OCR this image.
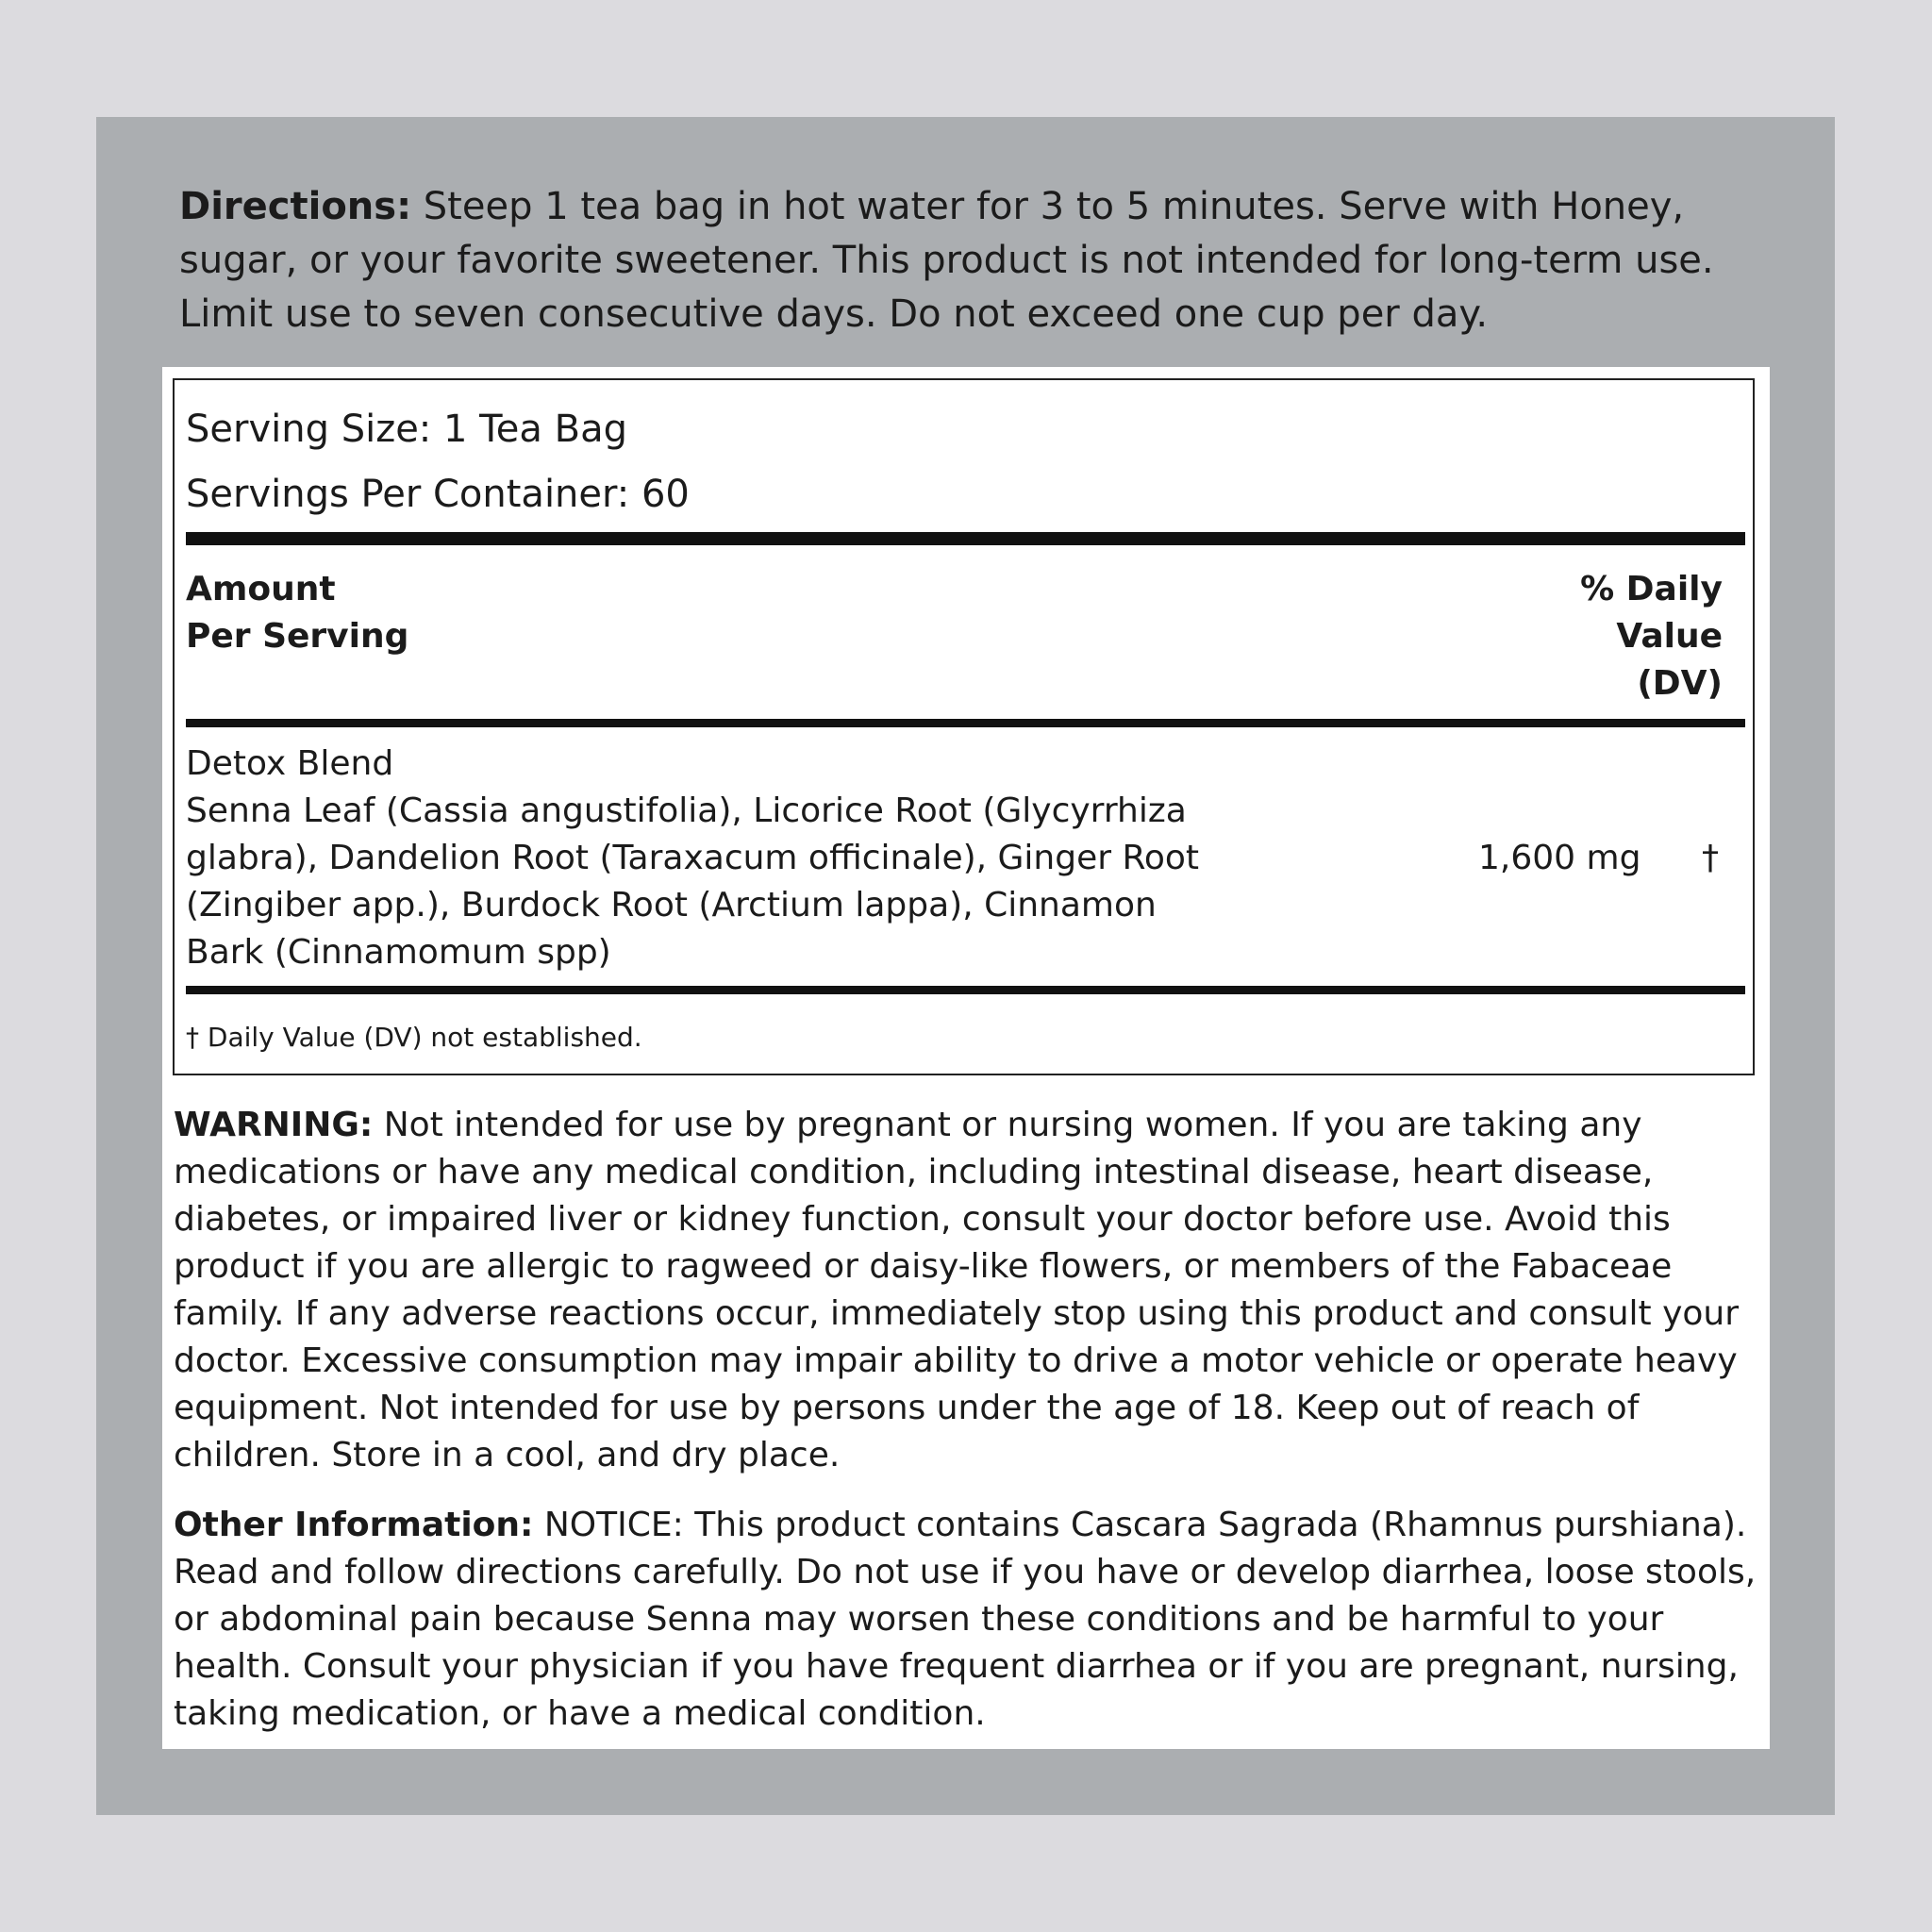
Directions: Steep 1 tea bag in hot water for 3 to 5 minutes. Serve with Honey, sugar, or your favorite sweetener. This product is not intended for long-term use. Limit use to seven consecutive days. Do not exceed one cup per day.
Serving Size: 1 Tea Bag
Servings Per Container: 60
Amount
Per Serving
% Daily
Value
(DV)
Detox Blend
Senna Leaf (Cassia angustifolia), Licorice Root (Glycyrrhiza glabra), Dandelion Root (Taraxacum officinale), Ginger Root (Zingiber app.), Burdock Root (Arctium lappa), Cinnamon Bark (Cinnamomum spp)
1,600 mg †
† Daily Value (DV) not established.
WARNING: Not intended for use by pregnant or nursing women. If you are taking any medications or have any medical condition, including intestinal disease, heart disease, diabetes, or impaired liver or kidney function, consult your doctor before use. Avoid this product if you are allergic to ragweed or daisy-like flowers, or members of the Fabaceae family. If any adverse reactions occur, immediately stop using this product and consult your doctor. Excessive consumption may impair ability to drive a motor vehicle or operate heavy equipment. Not intended for use by persons under the age of 18. Keep out of reach of children. Store in a cool, and dry place.
Other Information: NOTICE: This product contains Cascara Sagrada (Rhamnus purshiana). Read and follow directions carefully. Do not use if you have or develop diarrhea, loose stools, or abdominal pain because Senna may worsen these conditions and be harmful to your health. Consult your physician if you have frequent diarrhea or if you are pregnant, nursing, taking medication, or have a medical condition.
